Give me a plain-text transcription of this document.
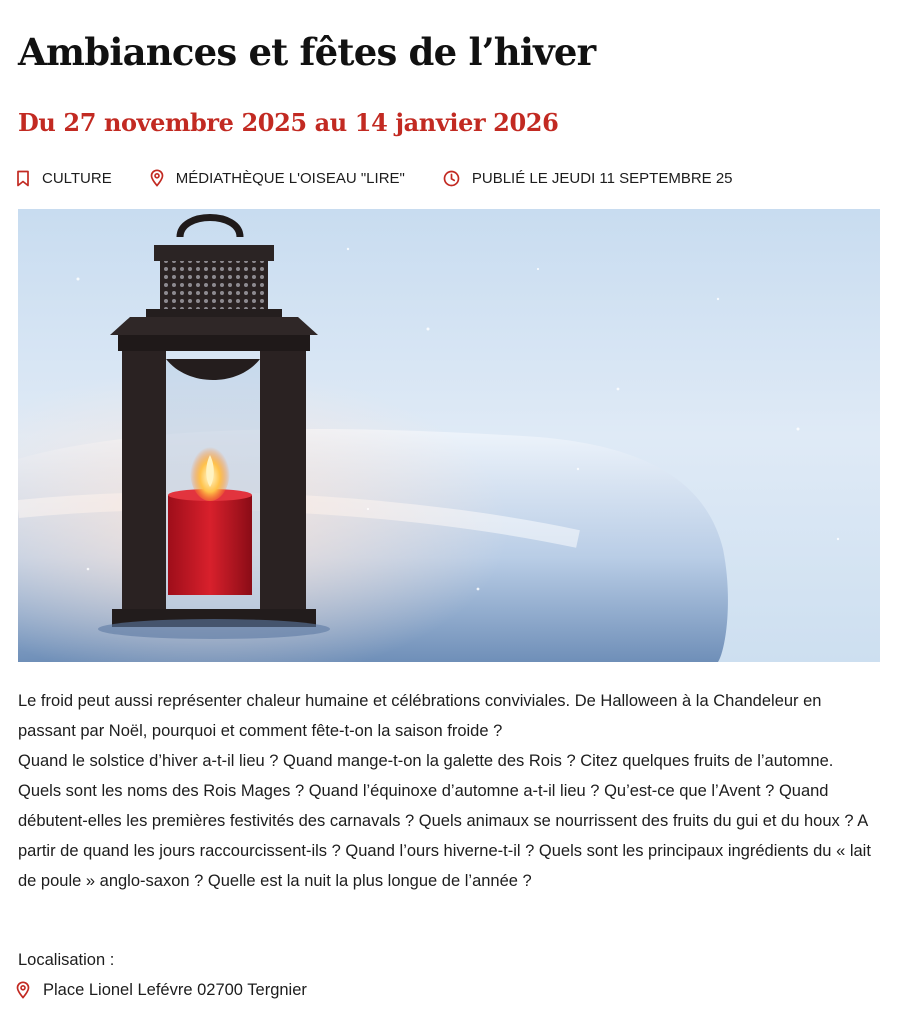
Ambiances et fêtes de l’hiver
Du 27 novembre 2025 au 14 janvier 2026
CULTURE	MÉDIATHÈQUE L'OISEAU "LIRE"	PUBLIÉ LE JEUDI 11 SEPTEMBRE 25

Le froid peut aussi représenter chaleur humaine et célébrations conviviales. De Halloween à la Chandeleur en passant par Noël, pourquoi et comment fête-t-on la saison froide ?

Quand le solstice d’hiver a-t-il lieu ? Quand mange-t-on la galette des Rois ? Citez quelques fruits de l’automne. Quels sont les noms des Rois Mages ? Quand l’équinoxe d’automne a-t-il lieu ? Qu’est-ce que l’Avent ? Quand débutent-elles les premières festivités des carnavals ? Quels animaux se nourrissent des fruits du gui et du houx ? A partir de quand les jours raccourcissent-ils ? Quand l’ours hiverne-t-il ? Quels sont les principaux ingrédients du « lait de poule » anglo-saxon ? Quelle est la nuit la plus longue de l’année ?

Localisation :
Place Lionel Lefévre 02700 Tergnier
